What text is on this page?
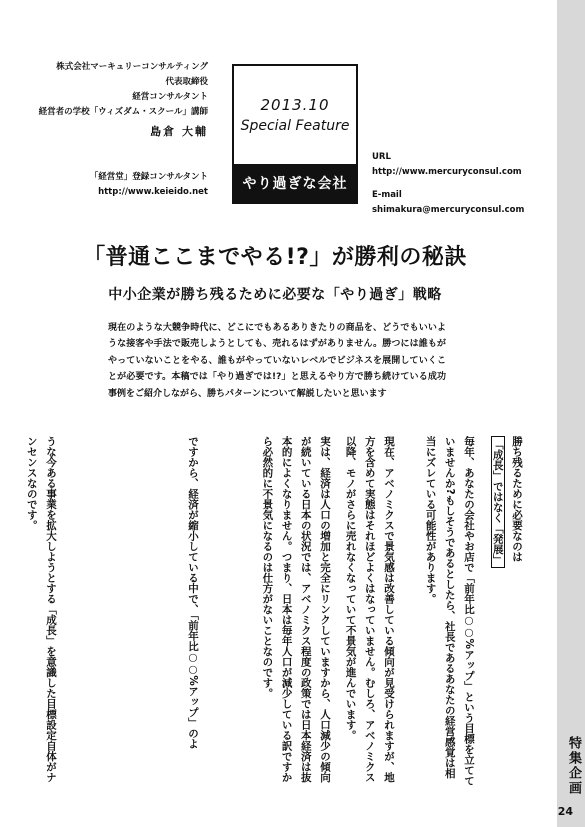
特集企画
24
株式会社マーキュリーコンサルティング
代表取締役
経営コンサルタント
経営者の学校「ウィズダム・スクール」講師
島倉 大輔
「経営堂」登録コンサルタント
http://www.keieido.net
2013.10
Special Feature
やり過ぎな会社
URL
http://www.mercuryconsul.com
E-mail
shimakura@mercuryconsul.com
「普通ここまでやる!?」が勝利の秘訣
中小企業が勝ち残るために必要な「やり過ぎ」戦略
現在のような大競争時代に、どこにでもあるありきたりの商品を、どうでもいいような接客や手法で販売しようとしても、売れるはずがありません。勝つには誰もがやっていないことをやる、誰もがやっていないレベルでビジネスを展開していくことが必要です。本稿では「やり過ぎでは!?」と思えるやり方で勝ち続けている成功事例をご紹介しながら、勝ちパターンについて解説したいと思います
勝ち残るために必要なのは
「成長」ではなく「発展」
毎年、あなたの会社やお店で「前年比○○%アップ」という目標を立てていませんか?もしそうであるとしたら、社長であるあなたの経営感覚は相当にズレている可能性があります。
現在、アベノミクスで景気感は改善している傾向が見受けられますが、地方を含めて実態はそれほどよくはなっていません。むしろ、アベノミクス以降、モノがさらに売れなくなっていて不景気が進んでいます。
実は、経済は人口の増加と完全にリンクしていますから、人口減少の傾向が続いている日本の状況では、アベノミクス程度の政策では日本経済は抜本的によくなりません。つまり、日本は毎年人口が減少している訳ですから必然的に不景気になるのは仕方がないことなのです。
ですから、経済が縮小している中で、「前年比○○%アップ」のよ
うな今ある事業を拡大しようとする「成長」を意識した目標設定自体がナンセンスなのです。
